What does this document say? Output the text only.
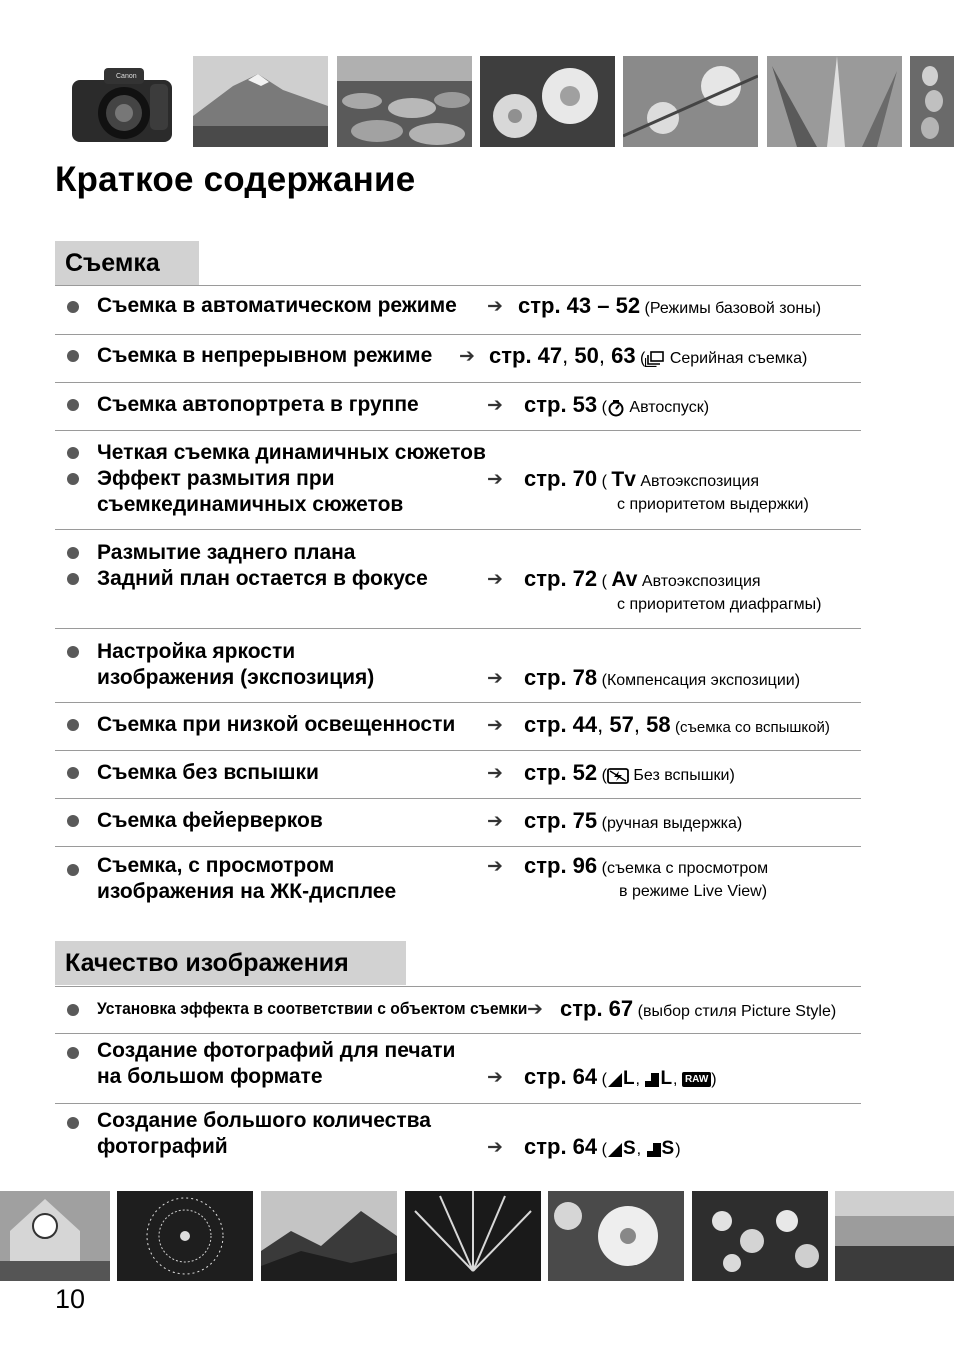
Canon
Краткое содержание
Съемка
Съемка в автоматическом режиме ➔ стр. 43 – 52 (Режимы базовой зоны)
Съемка в непрерывном режиме ➔ стр. 47, 50, 63 ( Серийная съемка)
Съемка автопортрета в группе	➔ стр. 53 ( Автоспуск)
Четкая съемка динамичных сюжетов
Эффект размытия при
съемкединамичных сюжетов
➔ стр. 70 ( Tv Автоэкспозиция
с приоритетом выдержки)
Размытие заднего плана
Задний план остается в фокусе	➔ стр. 72 ( Av Автоэкспозиция
с приоритетом диафрагмы)
Настройка яркости
изображения (экспозиция)	➔ стр. 78 (Компенсация экспозиции)
Съемка при низкой освещенности ➔ стр. 44, 57, 58 (съемка со вспышкой)
Съемка без вспышки	➔ стр. 52 ( Без вспышки)
Съемка фейерверков	➔ стр. 75 (ручная выдержка)
Съемка, с просмотром
изображения на ЖК-дисплее
➔ стр. 96 (съемка с просмотром
в режиме Live View)
Качество изображения
Установка эффекта в соответствии с объектом съемки ➔ стр. 67 (выбор стиля Picture Style)
Создание фотографий для печати
на большом формате	➔ стр. 64 ( L, L, RAW )
Создание большого количества
фотографий	➔ стр. 64 ( S, S)
10
